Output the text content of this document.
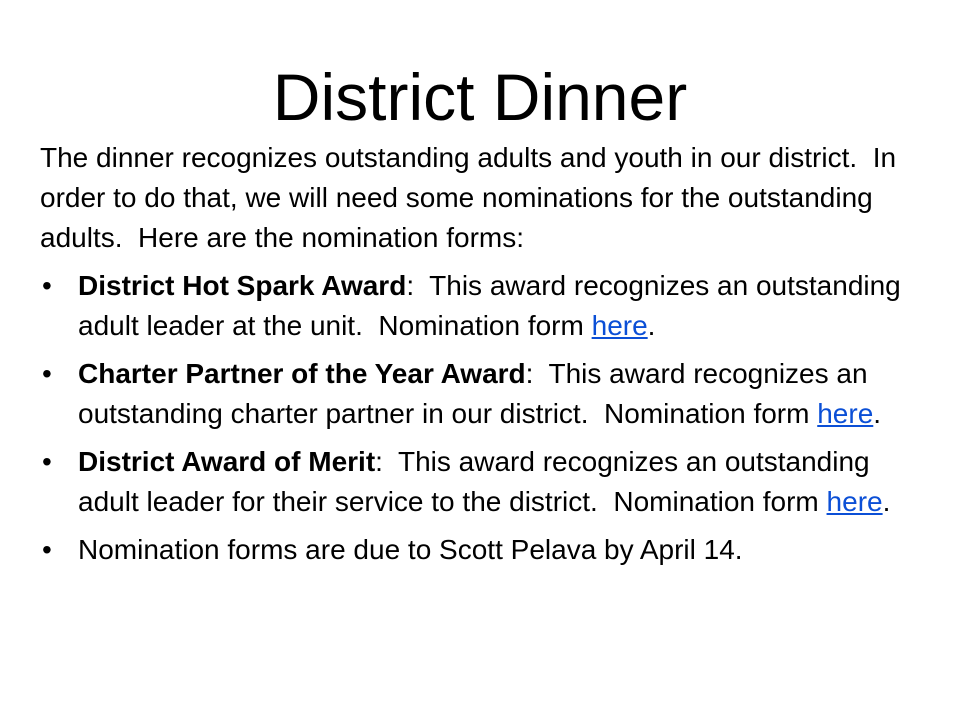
District Dinner

The dinner recognizes outstanding adults and youth in our district.  In order to do that, we will need some nominations for the outstanding adults.  Here are the nomination forms:

• District Hot Spark Award:  This award recognizes an outstanding adult leader at the unit.  Nomination form here.
• Charter Partner of the Year Award:  This award recognizes an outstanding charter partner in our district.  Nomination form here.
• District Award of Merit:  This award recognizes an outstanding adult leader for their service to the district.  Nomination form here.
• Nomination forms are due to Scott Pelava by April 14.
